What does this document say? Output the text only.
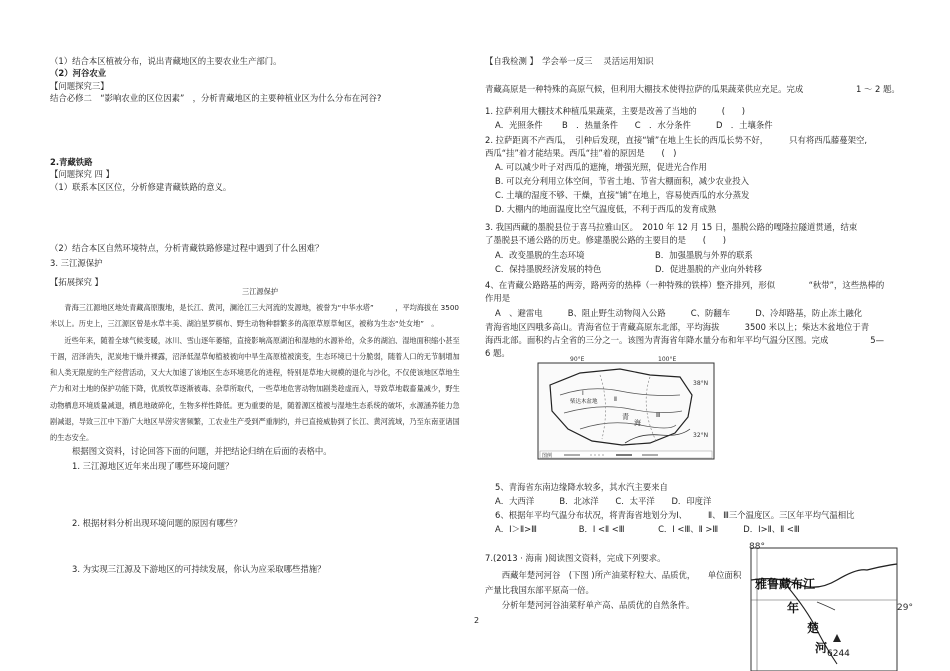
（1）结合本区植被分布，说出青藏地区的主要农业生产部门。
（2）河谷农业
【问题探究三】
结合必修二　“影响农业的区位因素”　，分析青藏地区的主要种植业区为什么分布在河谷?
2.青藏铁路
【问题探究 四 】
（1）联系本区区位，分析修建青藏铁路的意义。
（2）结合本区自然环境特点，分析青藏铁路修建过程中遇到了什么困难？
3. 三江源保护
【拓展探究 】
三江源保护
　　青海三江源地区地处青藏高原腹地，是长江、黄河，澜沧江三大河流的发源地，被誉为“中华水塔”　　　，平均海拔在 3500 米以上。历史上，三江源区曾是水草丰美、湖泊星罗棋布、野生动物种群繁多的高原草原草甸区，被称为生态“处女地”　。
　　近些年来，随着全球气候变暖，冰川、雪山逐年萎缩，直接影响高原湖泊和湿地的水源补给，众多的湖泊、湿地面积缩小甚至干涸，沼泽消失，泥炭地干燥并裸露，沼泽低湿草甸植被被向中旱生高原植被演变，生态环境已十分脆弱，随着人口的无节制增加和人类无限度的生产经营活动，又大大加速了该地区生态环境恶化的进程，特别是草地大规模的退化与沙化，不仅使该地区草地生产力和对土地的保护功能下降，优质牧草逐渐被毒、杂草所取代，一些草地危害动物加剧类趁虚而入，导致草地载畜量减少，野生动物栖息环境质量减退，栖息地破碎化，生物多样性降低。更为重要的是，随着源区植被与湿地生态系统的破坏，水源涵养能力急剧减退，导致三江中下游广大地区旱涝灾害频繁，工农业生产受到严重制约，并已直接威胁到了长江、黄河流域，乃至东南亚诸国的生态安全。
根据图文资料，讨论回答下面的问题，并把结论归纳在后面的表格中。
1. 三江源地区近年来出现了哪些环境问题？
2. 根据材料分析出现环境问题的原因有哪些？
3. 为实现三江源及下游地区的可持续发展，你认为应采取哪些措施？
【自我检测 】　学会举一反三　 灵活运用知识
青藏高原是一种特殊的高原气候，但利用大棚技术使得拉萨的瓜果蔬菜供应充足。完成	1 ～ 2 题。
1. 拉萨利用大棚技术种植瓜果蔬菜，主要是改善了当地的　　　(　　)
A．光照条件　　 B　．热量条件　　C　．水分条件　　　D　．土壤条件
2. 拉萨距离不产西瓜，　引种后发现，直接“铺”在地上生长的西瓜长势不好，　　　只有将西瓜藤蔓架空,
西瓜“挂”着才能结果。西瓜“挂”着的原因是　　(　)
A. 可以减少叶子对西瓜的遮掩，增强光照，促进光合作用
B. 可以充分利用立体空间，节省土地、节省大棚面积，减少农业投入
C. 土壤的湿度不够、干燥，直接“铺”在地上，容易使西瓜的水分蒸发
D. 大棚内的地面温度比空气温度低，不利于西瓜的发育成熟
3. 我国西藏的墨脱县位于喜马拉雅山区。　2010 年 12 月 15 日，墨脱公路的嘎隆拉隧道贯通，结束
了墨脱县不通公路的历史。修建墨脱公路的主要目的是　　(　　)
A．改变墨脱的生态环境	B．加强墨脱与外界的联系
C．保持墨脱经济发展的特色	D．促进墨脱的产业向外转移
4、在青藏公路路基的两旁，路两旁的热棒（一种特殊的铁棒）整齐排列，形似　　　　“秋带”，这些热棒的
作用是
A　、避雷电　　　B、阻止野生动物闯入公路　　　C、防翻车　　　D、冷却路基，防止冻土融化
青海省地区四哦多高山。青海省位于青藏高原东北部，平均海拔　　　3500 米以上；柴达木盆地位于青
海西北部。面积约占全省的三分之一。该图为青海省年降水量分布和年平均气温分区图。完成　　　　　5—
6 题。
90°E	100°E
38°N
32°N
柴达木盆地
青
海
Ⅰ
Ⅱ
Ⅲ
图例
5、青海省东南边缘降水较多，其水汽主要来自
A．大西洋　　　B．北冰洋　　C．太平洋　　D．印度洋
6、根据年平均气温分布状况，将青海省地划分为Ⅰ、　　　Ⅱ、 Ⅲ三个温度区。三区年平均气温相比
A．Ⅰ＞Ⅱ>Ⅲ　　　　　B．Ⅰ <Ⅱ <Ⅲ　　　　C．Ⅰ <Ⅲ、Ⅱ >Ⅲ　　　D．Ⅰ>Ⅱ、Ⅱ <Ⅲ
7.(2013 · 海南 )阅读图文资料，完成下列要求。
　　西藏年楚河河谷　(下图 )所产油菜籽粒大、品质优，　　单位面积
产量比我国东部平原高一倍。
　　分析年楚河河谷油菜籽单产高、品质优的自然条件。
88°
29°
雅鲁藏布江
年
楚
河 6244
2
